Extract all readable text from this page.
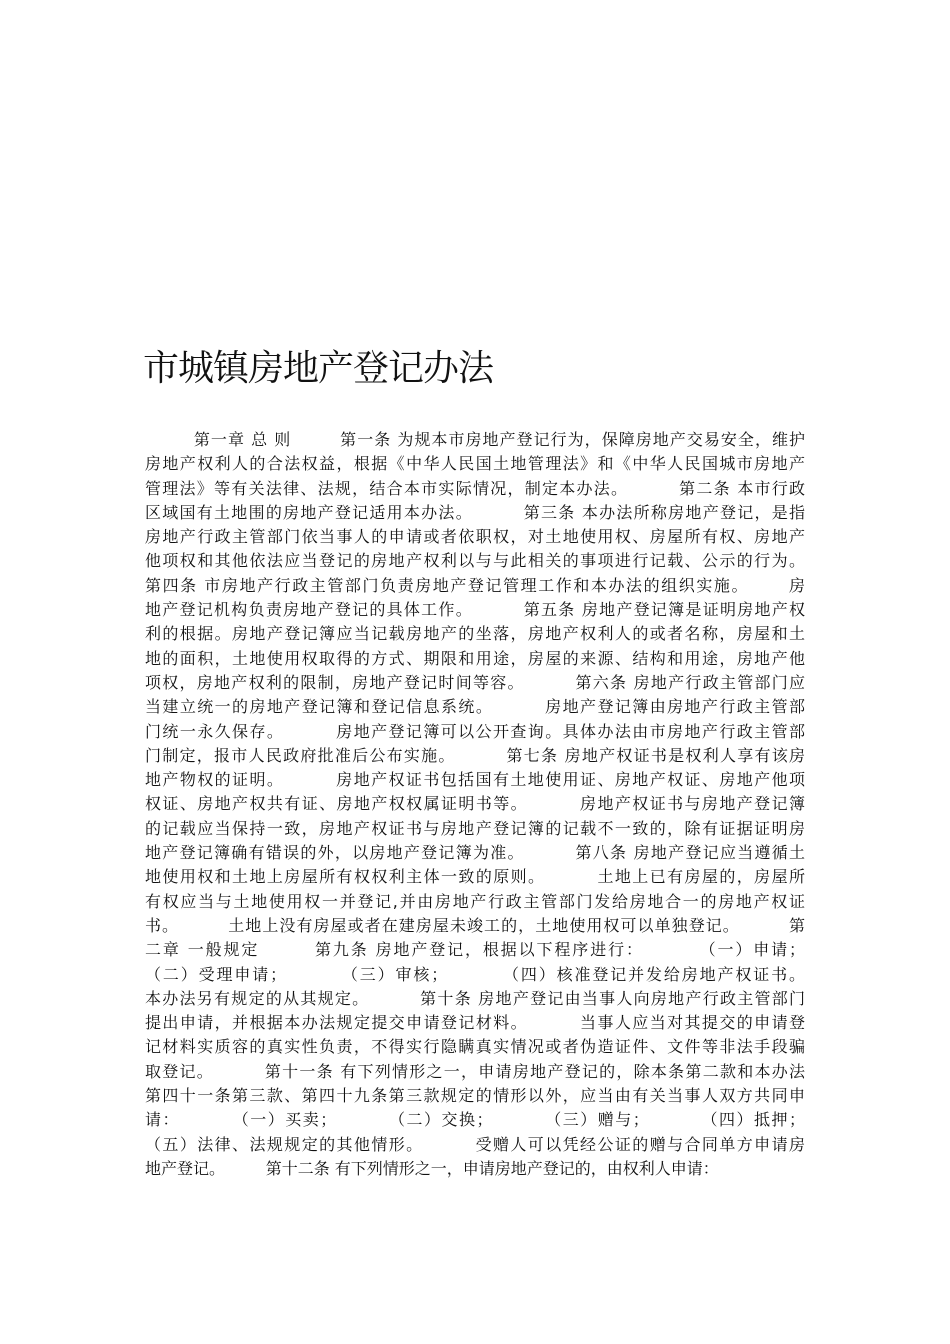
市城镇房地产登记办法
第一章 总 则        第一条 为规本市房地产登记行为，保障房地产交易安全，维护
房地产权利人的合法权益，根据《中华人民国土地管理法》和《中华人民国城市房地产
管理法》等有关法律、法规，结合本市实际情况，制定本办法。        第二条 本市行政
区域国有土地围的房地产登记适用本办法。        第三条 本办法所称房地产登记，是指
房地产行政主管部门依当事人的申请或者依职权，对土地使用权、房屋所有权、房地产
他项权和其他依法应当登记的房地产权利以与与此相关的事项进行记载、公示的行为。
第四条 市房地产行政主管部门负责房地产登记管理工作和本办法的组织实施。      房
地产登记机构负责房地产登记的具体工作。        第五条 房地产登记簿是证明房地产权
利的根据。房地产登记簿应当记载房地产的坐落，房地产权利人的或者名称，房屋和土
地的面积，土地使用权取得的方式、期限和用途，房屋的来源、结构和用途，房地产他
项权，房地产权利的限制，房地产登记时间等容。        第六条 房地产行政主管部门应
当建立统一的房地产登记簿和登记信息系统。        房地产登记簿由房地产行政主管部
门统一永久保存。        房地产登记簿可以公开查询。具体办法由市房地产行政主管部
门制定，报市人民政府批准后公布实施。        第七条 房地产权证书是权利人享有该房
地产物权的证明。        房地产权证书包括国有土地使用证、房地产权证、房地产他项
权证、房地产权共有证、房地产权权属证明书等。        房地产权证书与房地产登记簿
的记载应当保持一致，房地产权证书与房地产登记簿的记载不一致的，除有证据证明房
地产登记簿确有错误的外，以房地产登记簿为准。        第八条 房地产登记应当遵循土
地使用权和土地上房屋所有权权利主体一致的原则。        土地上已有房屋的，房屋所
有权应当与土地使用权一并登记,并由房地产行政主管部门发给房地合一的房地产权证
书。        土地上没有房屋或者在建房屋未竣工的，土地使用权可以单独登记。        第
二章 一般规定        第九条 房地产登记，根据以下程序进行：        （一）申请；
（二）受理申请；        （三）审核；        （四）核准登记并发给房地产权证书。
本办法另有规定的从其规定。        第十条 房地产登记由当事人向房地产行政主管部门
提出申请，并根据本办法规定提交申请登记材料。        当事人应当对其提交的申请登
记材料实质容的真实性负责，不得实行隐瞒真实情况或者伪造证件、文件等非法手段骗
取登记。        第十一条 有下列情形之一，申请房地产登记的，除本条第二款和本办法
第四十一条第三款、第四十九条第三款规定的情形以外，应当由有关当事人双方共同申
请：        （一）买卖；        （二）交换；        （三）赠与；        （四）抵押；
（五）法律、法规规定的其他情形。        受赠人可以凭经公证的赠与合同单方申请房
地产登记。        第十二条 有下列情形之一，申请房地产登记的，由权利人申请：
